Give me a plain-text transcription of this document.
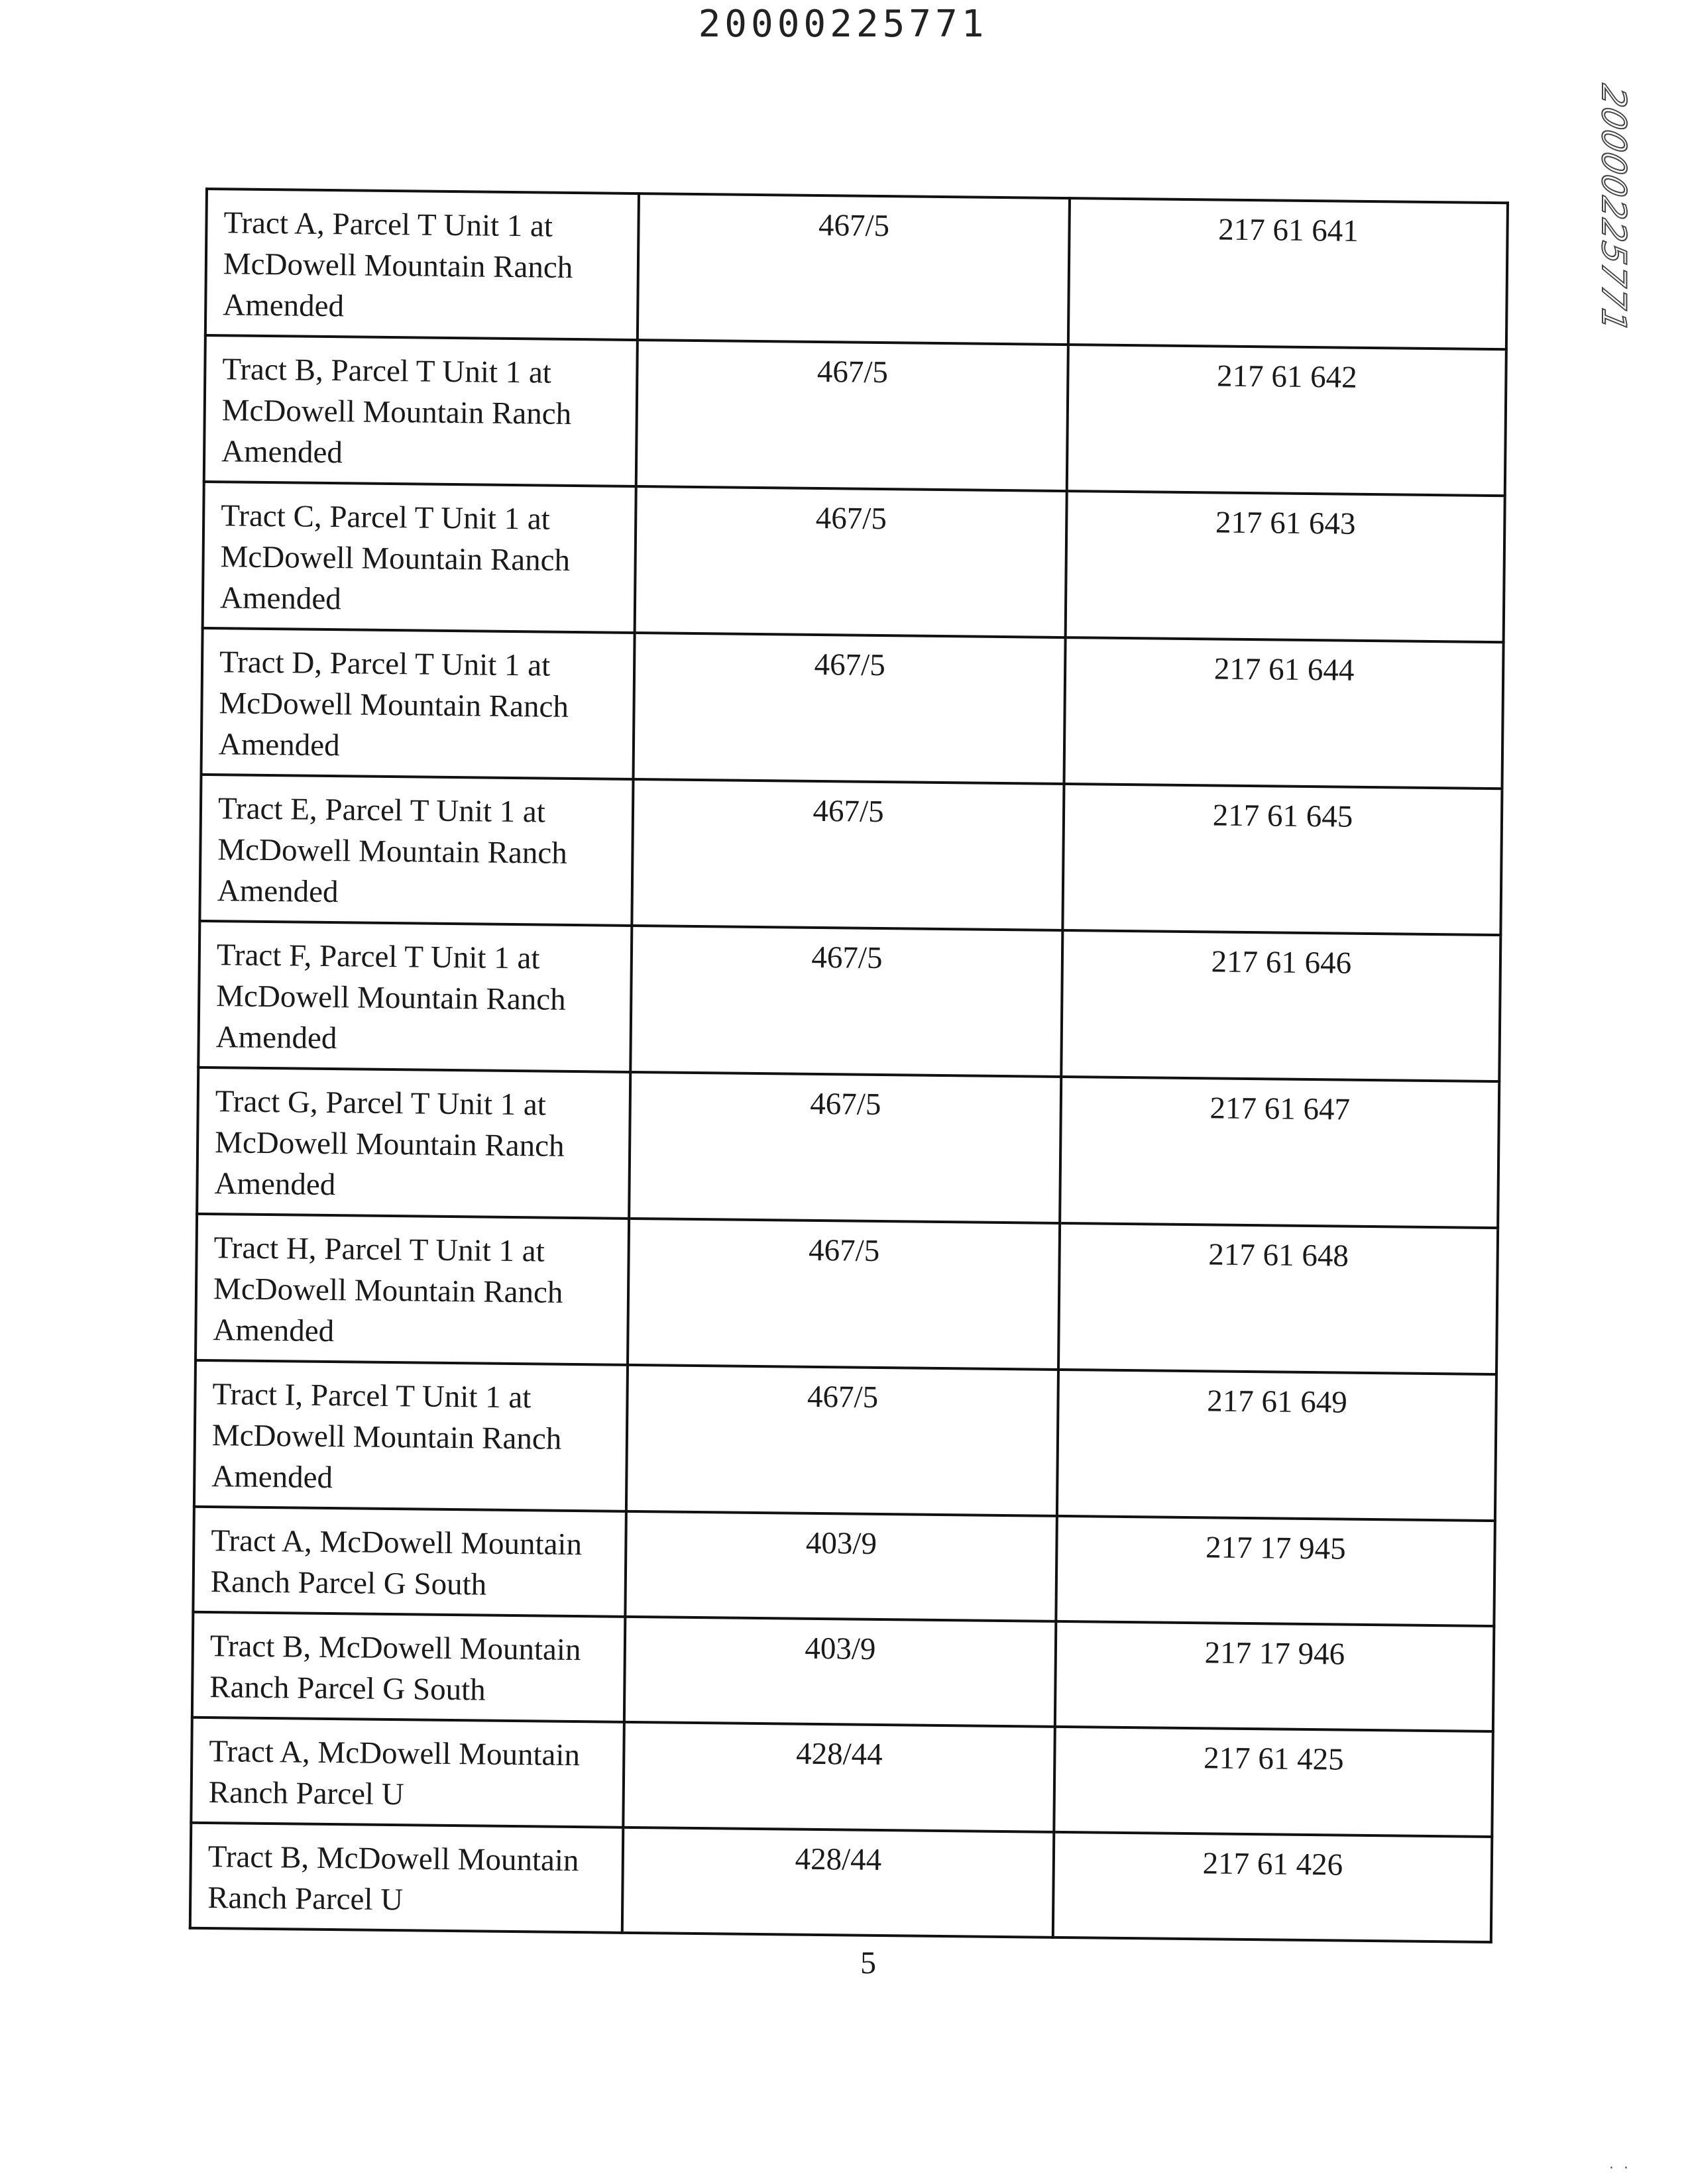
20000225771
20000225771
Tract A, Parcel T Unit 1 at McDowell Mountain Ranch Amended	467/5	217 61 641
Tract B, Parcel T Unit 1 at McDowell Mountain Ranch Amended	467/5	217 61 642
Tract C, Parcel T Unit 1 at McDowell Mountain Ranch Amended	467/5	217 61 643
Tract D, Parcel T Unit 1 at McDowell Mountain Ranch Amended	467/5	217 61 644
Tract E, Parcel T Unit 1 at McDowell Mountain Ranch Amended	467/5	217 61 645
Tract F, Parcel T Unit 1 at McDowell Mountain Ranch Amended	467/5	217 61 646
Tract G, Parcel T Unit 1 at McDowell Mountain Ranch Amended	467/5	217 61 647
Tract H, Parcel T Unit 1 at McDowell Mountain Ranch Amended	467/5	217 61 648
Tract I, Parcel T Unit 1 at McDowell Mountain Ranch Amended	467/5	217 61 649
Tract A, McDowell Mountain Ranch Parcel G South	403/9	217 17 945
Tract B, McDowell Mountain Ranch Parcel G South	403/9	217 17 946
Tract A, McDowell Mountain Ranch Parcel U	428/44	217 61 425
Tract B, McDowell Mountain Ranch Parcel U	428/44	217 61 426
5
· ·
